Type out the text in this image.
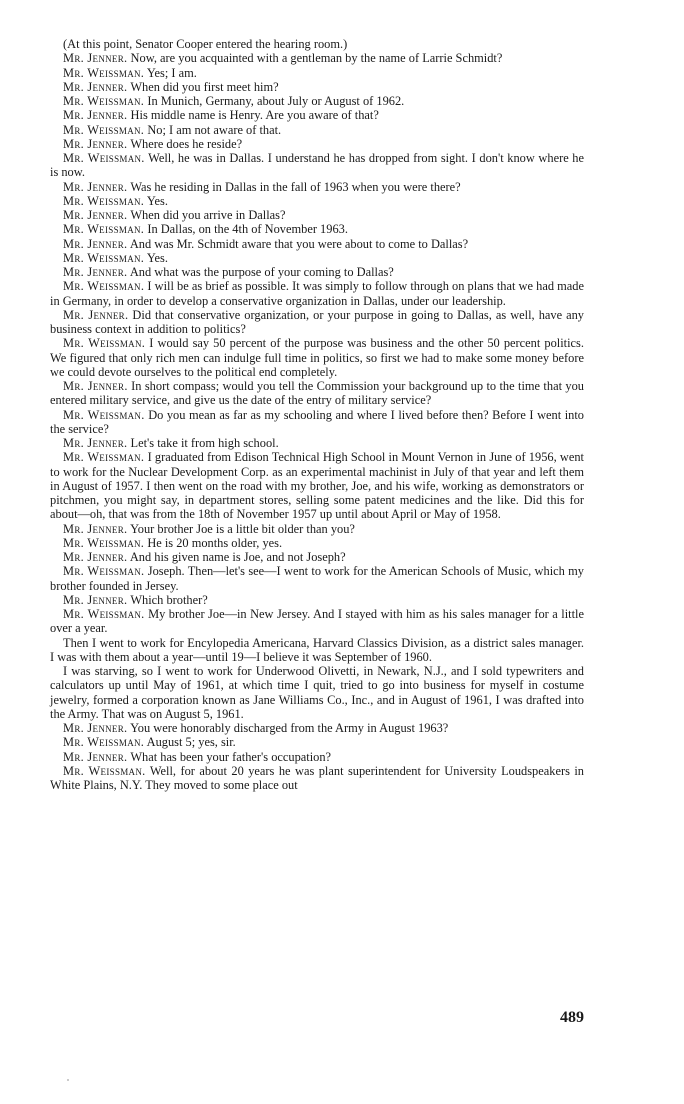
(At this point, Senator Cooper entered the hearing room.)

Mr. Jenner. Now, are you acquainted with a gentleman by the name of Larrie Schmidt?

Mr. Weissman. Yes; I am.

Mr. Jenner. When did you first meet him?

Mr. Weissman. In Munich, Germany, about July or August of 1962.

Mr. Jenner. His middle name is Henry. Are you aware of that?

Mr. Weissman. No; I am not aware of that.

Mr. Jenner. Where does he reside?

Mr. Weissman. Well, he was in Dallas. I understand he has dropped from sight. I don't know where he is now.

Mr. Jenner. Was he residing in Dallas in the fall of 1963 when you were there?

Mr. Weissman. Yes.

Mr. Jenner. When did you arrive in Dallas?

Mr. Weissman. In Dallas, on the 4th of November 1963.

Mr. Jenner. And was Mr. Schmidt aware that you were about to come to Dallas?

Mr. Weissman. Yes.

Mr. Jenner. And what was the purpose of your coming to Dallas?

Mr. Weissman. I will be as brief as possible. It was simply to follow through on plans that we had made in Germany, in order to develop a conservative organization in Dallas, under our leadership.

Mr. Jenner. Did that conservative organization, or your purpose in going to Dallas, as well, have any business context in addition to politics?

Mr. Weissman. I would say 50 percent of the purpose was business and the other 50 percent politics. We figured that only rich men can indulge full time in politics, so first we had to make some money before we could devote ourselves to the political end completely.

Mr. Jenner. In short compass; would you tell the Commission your background up to the time that you entered military service, and give us the date of the entry of military service?

Mr. Weissman. Do you mean as far as my schooling and where I lived before then? Before I went into the service?

Mr. Jenner. Let's take it from high school.

Mr. Weissman. I graduated from Edison Technical High School in Mount Vernon in June of 1956, went to work for the Nuclear Development Corp. as an experimental machinist in July of that year and left them in August of 1957. I then went on the road with my brother, Joe, and his wife, working as demonstrators or pitchmen, you might say, in department stores, selling some patent medicines and the like. Did this for about—oh, that was from the 18th of November 1957 up until about April or May of 1958.

Mr. Jenner. Your brother Joe is a little bit older than you?

Mr. Weissman. He is 20 months older, yes.

Mr. Jenner. And his given name is Joe, and not Joseph?

Mr. Weissman. Joseph. Then—let's see—I went to work for the American Schools of Music, which my brother founded in Jersey.

Mr. Jenner. Which brother?

Mr. Weissman. My brother Joe—in New Jersey. And I stayed with him as his sales manager for a little over a year.

Then I went to work for Encylopedia Americana, Harvard Classics Division, as a district sales manager. I was with them about a year—until 19—I believe it was September of 1960.

I was starving, so I went to work for Underwood Olivetti, in Newark, N.J., and I sold typewriters and calculators up until May of 1961, at which time I quit, tried to go into business for myself in costume jewelry, formed a corporation known as Jane Williams Co., Inc., and in August of 1961, I was drafted into the Army. That was on August 5, 1961.

Mr. Jenner. You were honorably discharged from the Army in August 1963?

Mr. Weissman. August 5; yes, sir.

Mr. Jenner. What has been your father's occupation?

Mr. Weissman. Well, for about 20 years he was plant superintendent for University Loudspeakers in White Plains, N.Y. They moved to some place out

489
